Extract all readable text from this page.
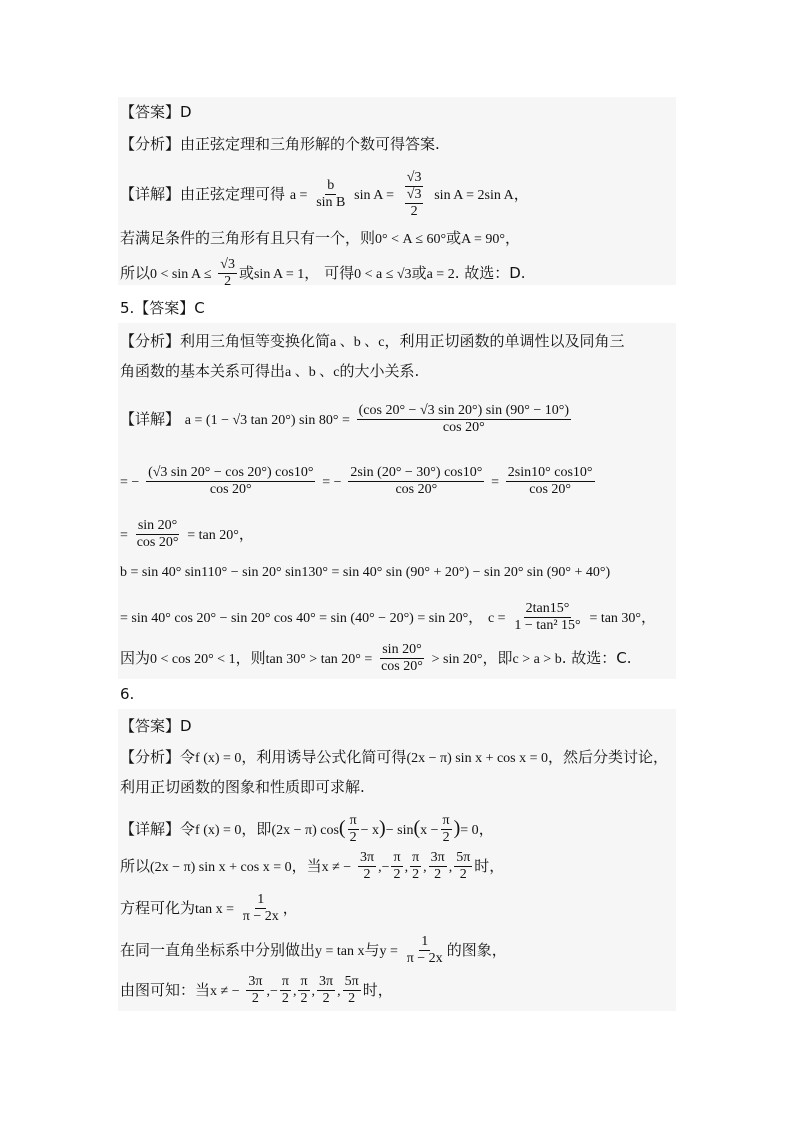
【答案】D
【分析】由正弦定理和三角形解的个数可得答案.
【详解】由正弦定理可得 $a = \frac{b}{\text{sin B}}$ $\sin A = \frac{√3}{\frac{√3}{2}}$ sin A = 2sin A，
若满足条件的三角形有且只有一个，则0° < A ≤ 60°或A = 90°，
所以$0 < \sin A \le \frac{√3}{2}$ 或sin A = 1， 可得0 < a ≤ √3或a = 2. 故选：D.
5.【答案】C
【分析】利用三角恒等变换化简a 、b 、c，利用正切函数的单调性以及同角三
角函数的基本关系可得出a 、b 、c的大小关系.
【详解】 a = (1 − √3 tan 20°) $\sin 80^\circ = \frac{(\cos 20^\circ - √3 \sin 20^\circ) \sin (90^\circ - 10^\circ)}{\cos 20^\circ}$
= − $\frac{(√3 \sin 20^\circ - \cos 20^\circ) \cos 10^\circ}{\cos 20^\circ}$ = − $\frac{2\sin (20^\circ - 30^\circ) \cos 10^\circ}{\cos 20^\circ} = \frac{2\sin 10^\circ \cos 10^\circ}{\cos 20^\circ}$
= $\frac{\sin 20^\circ}{\cos 20^\circ} = \tan 20^\circ$，
b = sin 40° sin110° − sin 20° sin130° = sin 40° sin (90° + 20°) − sin 20° sin (90° + 40°)
= sin 40° cos 20° − sin 20° cos 40° = sin (40° − 20°) = sin 20°， $c = \frac{2\tan 15^\circ}{\text{1 − tan² 15°}} = \tan 30^\circ$，
因为0 < cos 20° < 1，则$\tan 30^\circ > \tan 20^\circ = \frac{\sin 20^\circ}{\cos 20^\circ} > \sin 20^\circ$，即c > a > b. 故选：C.
6.
【答案】D
【分析】令f (x) = 0，利用诱导公式化简可得(2x − π) sin x + cos x = 0，然后分类讨论，
利用正切函数的图象和性质即可求解.
【详解】令f (x) = 0，即(2x − π) $\cos( \frac{\pi}{2} - x)- \sin(x - \frac{\pi}{2}$ )= 0，
所以(2x − π) sin x + cos x = 0，当x ≠ − $\frac{3\pi}{2}$ ,− $\frac{\pi}{2}$ , $\frac{\pi}{2}$ , $\frac{3\pi}{2}$ , $\frac{5\pi}{2}$ 时，
方程可化为$\tan x = \frac{1}{\pi - 2x}$ ，
在同一直角坐标系中分别做出y = tan x与$y = \frac{1}{\pi - 2x}$ 的图象，
由图可知：当x ≠ − $\frac{3\pi}{2}$ ,− $\frac{\pi}{2}$ , $\frac{\pi}{2}$ , $\frac{3\pi}{2}$ , $\frac{5\pi}{2}$ 时，
